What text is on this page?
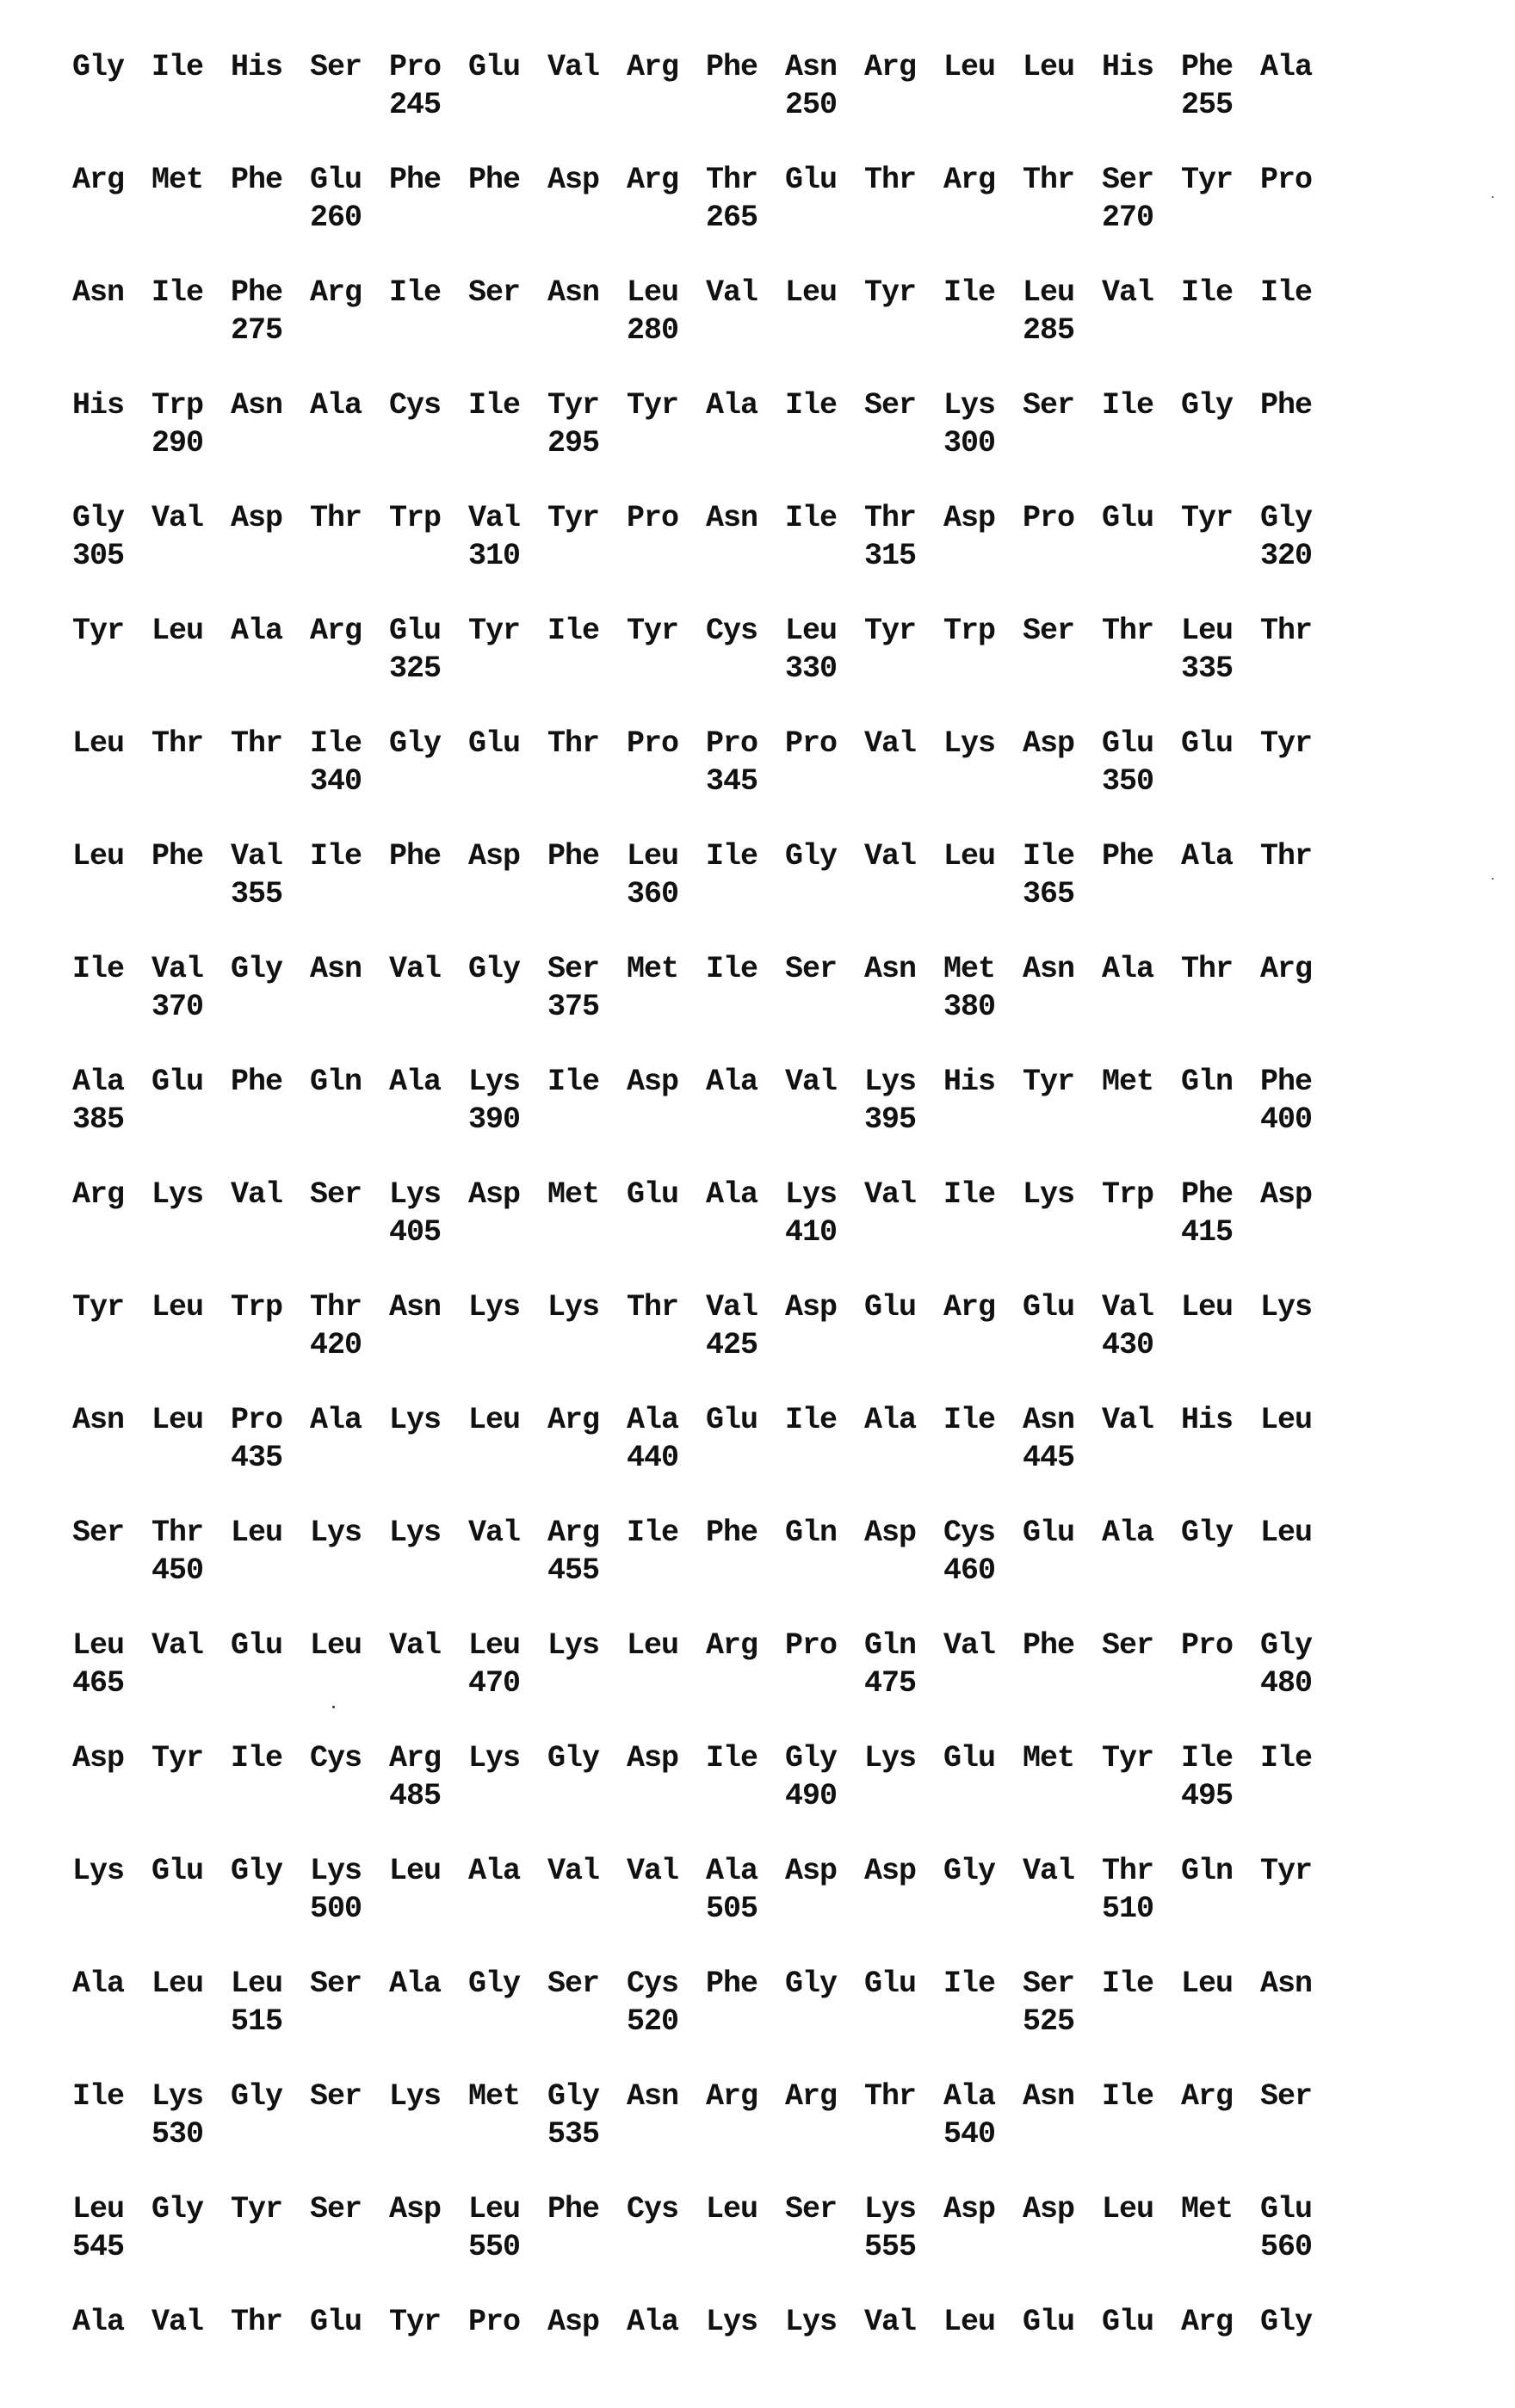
Gly Ile His Ser Pro Glu Val Arg Phe Asn Arg Leu Leu His Phe Ala
245	250	255
Arg Met Phe Glu Phe Phe Asp Arg Thr Glu Thr Arg Thr Ser Tyr Pro
260	265	270
Asn Ile Phe Arg Ile Ser Asn Leu Val Leu Tyr Ile Leu Val Ile Ile
275	280	285
His Trp Asn Ala Cys Ile Tyr Tyr Ala Ile Ser Lys Ser Ile Gly Phe
290	295	300
Gly Val Asp Thr Trp Val Tyr Pro Asn Ile Thr Asp Pro Glu Tyr Gly
305	310	315	320
Tyr Leu Ala Arg Glu Tyr Ile Tyr Cys Leu Tyr Trp Ser Thr Leu Thr
325	330	335
Leu Thr Thr Ile Gly Glu Thr Pro Pro Pro Val Lys Asp Glu Glu Tyr
340	345	350
Leu Phe Val Ile Phe Asp Phe Leu Ile Gly Val Leu Ile Phe Ala Thr
355	360	365
Ile Val Gly Asn Val Gly Ser Met Ile Ser Asn Met Asn Ala Thr Arg
370	375	380
Ala Glu Phe Gln Ala Lys Ile Asp Ala Val Lys His Tyr Met Gln Phe
385	390	395	400
Arg Lys Val Ser Lys Asp Met Glu Ala Lys Val Ile Lys Trp Phe Asp
405	410	415
Tyr Leu Trp Thr Asn Lys Lys Thr Val Asp Glu Arg Glu Val Leu Lys
420	425	430
Asn Leu Pro Ala Lys Leu Arg Ala Glu Ile Ala Ile Asn Val His Leu
435	440	445
Ser Thr Leu Lys Lys Val Arg Ile Phe Gln Asp Cys Glu Ala Gly Leu
450	455	460
Leu Val Glu Leu Val Leu Lys Leu Arg Pro Gln Val Phe Ser Pro Gly
465	470	475	480
Asp Tyr Ile Cys Arg Lys Gly Asp Ile Gly Lys Glu Met Tyr Ile Ile
485	490	495
Lys Glu Gly Lys Leu Ala Val Val Ala Asp Asp Gly Val Thr Gln Tyr
500	505	510
Ala Leu Leu Ser Ala Gly Ser Cys Phe Gly Glu Ile Ser Ile Leu Asn
515	520	525
Ile Lys Gly Ser Lys Met Gly Asn Arg Arg Thr Ala Asn Ile Arg Ser
530	535	540
Leu Gly Tyr Ser Asp Leu Phe Cys Leu Ser Lys Asp Asp Leu Met Glu
545	550	555	560
Ala Val Thr Glu Tyr Pro Asp Ala Lys Lys Val Leu Glu Glu Arg Gly
